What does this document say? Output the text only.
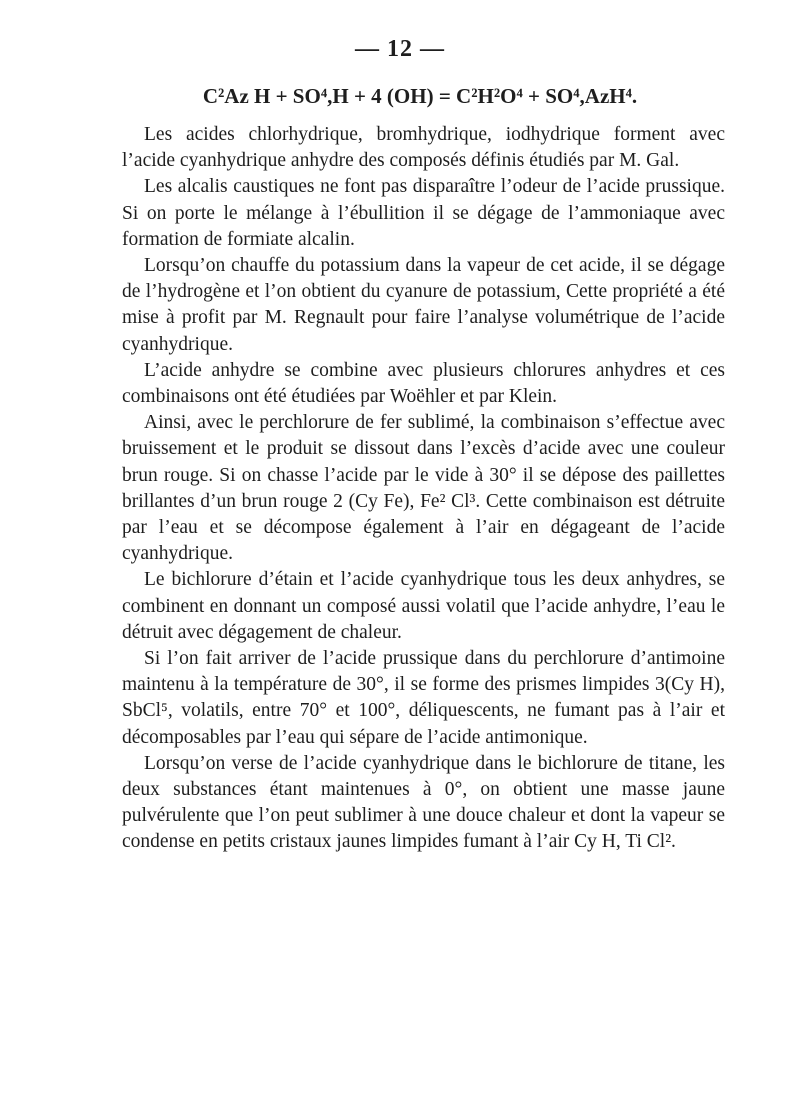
— 12 —
C²Az H + SO⁴,H + 4 (OH) = C²H²O⁴ + SO⁴,AzH⁴.

Les acides chlorhydrique, bromhydrique, iodhydrique forment avec l’acide cyanhydrique anhydre des composés définis étudiés par M. Gal.

Les alcalis caustiques ne font pas disparaître l’odeur de l’acide prussique. Si on porte le mélange à l’ébullition il se dégage de l’ammoniaque avec formation de formiate alcalin.

Lorsqu’on chauffe du potassium dans la vapeur de cet acide, il se dégage de l’hydrogène et l’on obtient du cyanure de potassium, Cette propriété a été mise à profit par M. Regnault pour faire l’analyse volumétrique de l’acide cyanhydrique.

L’acide anhydre se combine avec plusieurs chlorures anhydres et ces combinaisons ont été étudiées par Woëhler et par Klein.

Ainsi, avec le perchlorure de fer sublimé, la combinaison s’effectue avec bruissement et le produit se dissout dans l’excès d’acide avec une couleur brun rouge. Si on chasse l’acide par le vide à 30° il se dépose des paillettes brillantes d’un brun rouge 2 (Cy Fe), Fe² Cl³. Cette combinaison est détruite par l’eau et se décompose également à l’air en dégageant de l’acide cyanhydrique.

Le bichlorure d’étain et l’acide cyanhydrique tous les deux anhydres, se combinent en donnant un composé aussi volatil que l’acide anhydre, l’eau le détruit avec dégagement de chaleur.

Si l’on fait arriver de l’acide prussique dans du perchlorure d’antimoine maintenu à la température de 30°, il se forme des prismes limpides 3(Cy H), SbCl⁵, volatils, entre 70° et 100°, déliquescents, ne fumant pas à l’air et décomposables par l’eau qui sépare de l’acide antimonique.

Lorsqu’on verse de l’acide cyanhydrique dans le bichlorure de titane, les deux substances étant maintenues à 0°, on obtient une masse jaune pulvérulente que l’on peut sublimer à une douce chaleur et dont la vapeur se condense en petits cristaux jaunes limpides fumant à l’air Cy H, Ti Cl².
